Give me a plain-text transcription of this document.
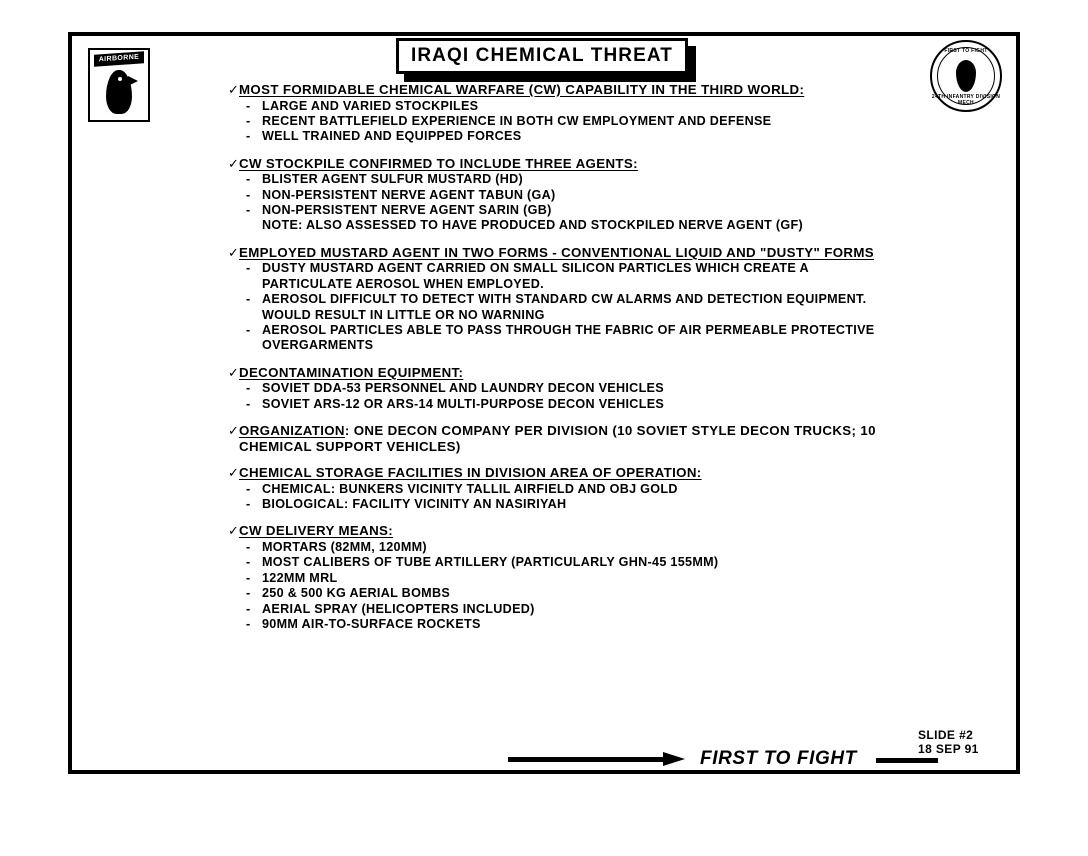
AIRBORNE
FIRST TO FIGHT
24TH INFANTRY DIVISION MECH
IRAQI CHEMICAL THREAT
✓ MOST FORMIDABLE CHEMICAL WARFARE (CW) CAPABILITY IN THE THIRD WORLD:
- LARGE AND VARIED STOCKPILES
- RECENT BATTLEFIELD EXPERIENCE IN BOTH CW EMPLOYMENT AND DEFENSE
- WELL TRAINED AND EQUIPPED FORCES
✓ CW STOCKPILE CONFIRMED TO INCLUDE THREE AGENTS:
- BLISTER AGENT SULFUR MUSTARD (HD)
- NON-PERSISTENT NERVE AGENT TABUN (GA)
- NON-PERSISTENT NERVE AGENT SARIN (GB)
NOTE: ALSO ASSESSED TO HAVE PRODUCED AND STOCKPILED NERVE AGENT (GF)
✓ EMPLOYED MUSTARD AGENT IN TWO FORMS - CONVENTIONAL LIQUID AND "DUSTY" FORMS
- DUSTY MUSTARD AGENT CARRIED ON SMALL SILICON PARTICLES WHICH CREATE A PARTICULATE AEROSOL WHEN EMPLOYED.
- AEROSOL DIFFICULT TO DETECT WITH STANDARD CW ALARMS AND DETECTION EQUIPMENT. WOULD RESULT IN LITTLE OR NO WARNING
- AEROSOL PARTICLES ABLE TO PASS THROUGH THE FABRIC OF AIR PERMEABLE PROTECTIVE OVERGARMENTS
✓ DECONTAMINATION EQUIPMENT:
- SOVIET DDA-53 PERSONNEL AND LAUNDRY DECON VEHICLES
- SOVIET ARS-12 OR ARS-14 MULTI-PURPOSE DECON VEHICLES
✓ ORGANIZATION: ONE DECON COMPANY PER DIVISION (10 SOVIET STYLE DECON TRUCKS; 10 CHEMICAL SUPPORT VEHICLES)
✓ CHEMICAL STORAGE FACILITIES IN DIVISION AREA OF OPERATION:
- CHEMICAL: BUNKERS VICINITY TALLIL AIRFIELD AND OBJ GOLD
- BIOLOGICAL: FACILITY VICINITY AN NASIRIYAH
✓ CW DELIVERY MEANS:
- MORTARS (82MM, 120MM)
- MOST CALIBERS OF TUBE ARTILLERY (PARTICULARLY GHN-45 155MM)
- 122MM MRL
- 250 & 500 KG AERIAL BOMBS
- AERIAL SPRAY (HELICOPTERS INCLUDED)
- 90MM AIR-TO-SURFACE ROCKETS
FIRST TO FIGHT
SLIDE #2
18 SEP 91
